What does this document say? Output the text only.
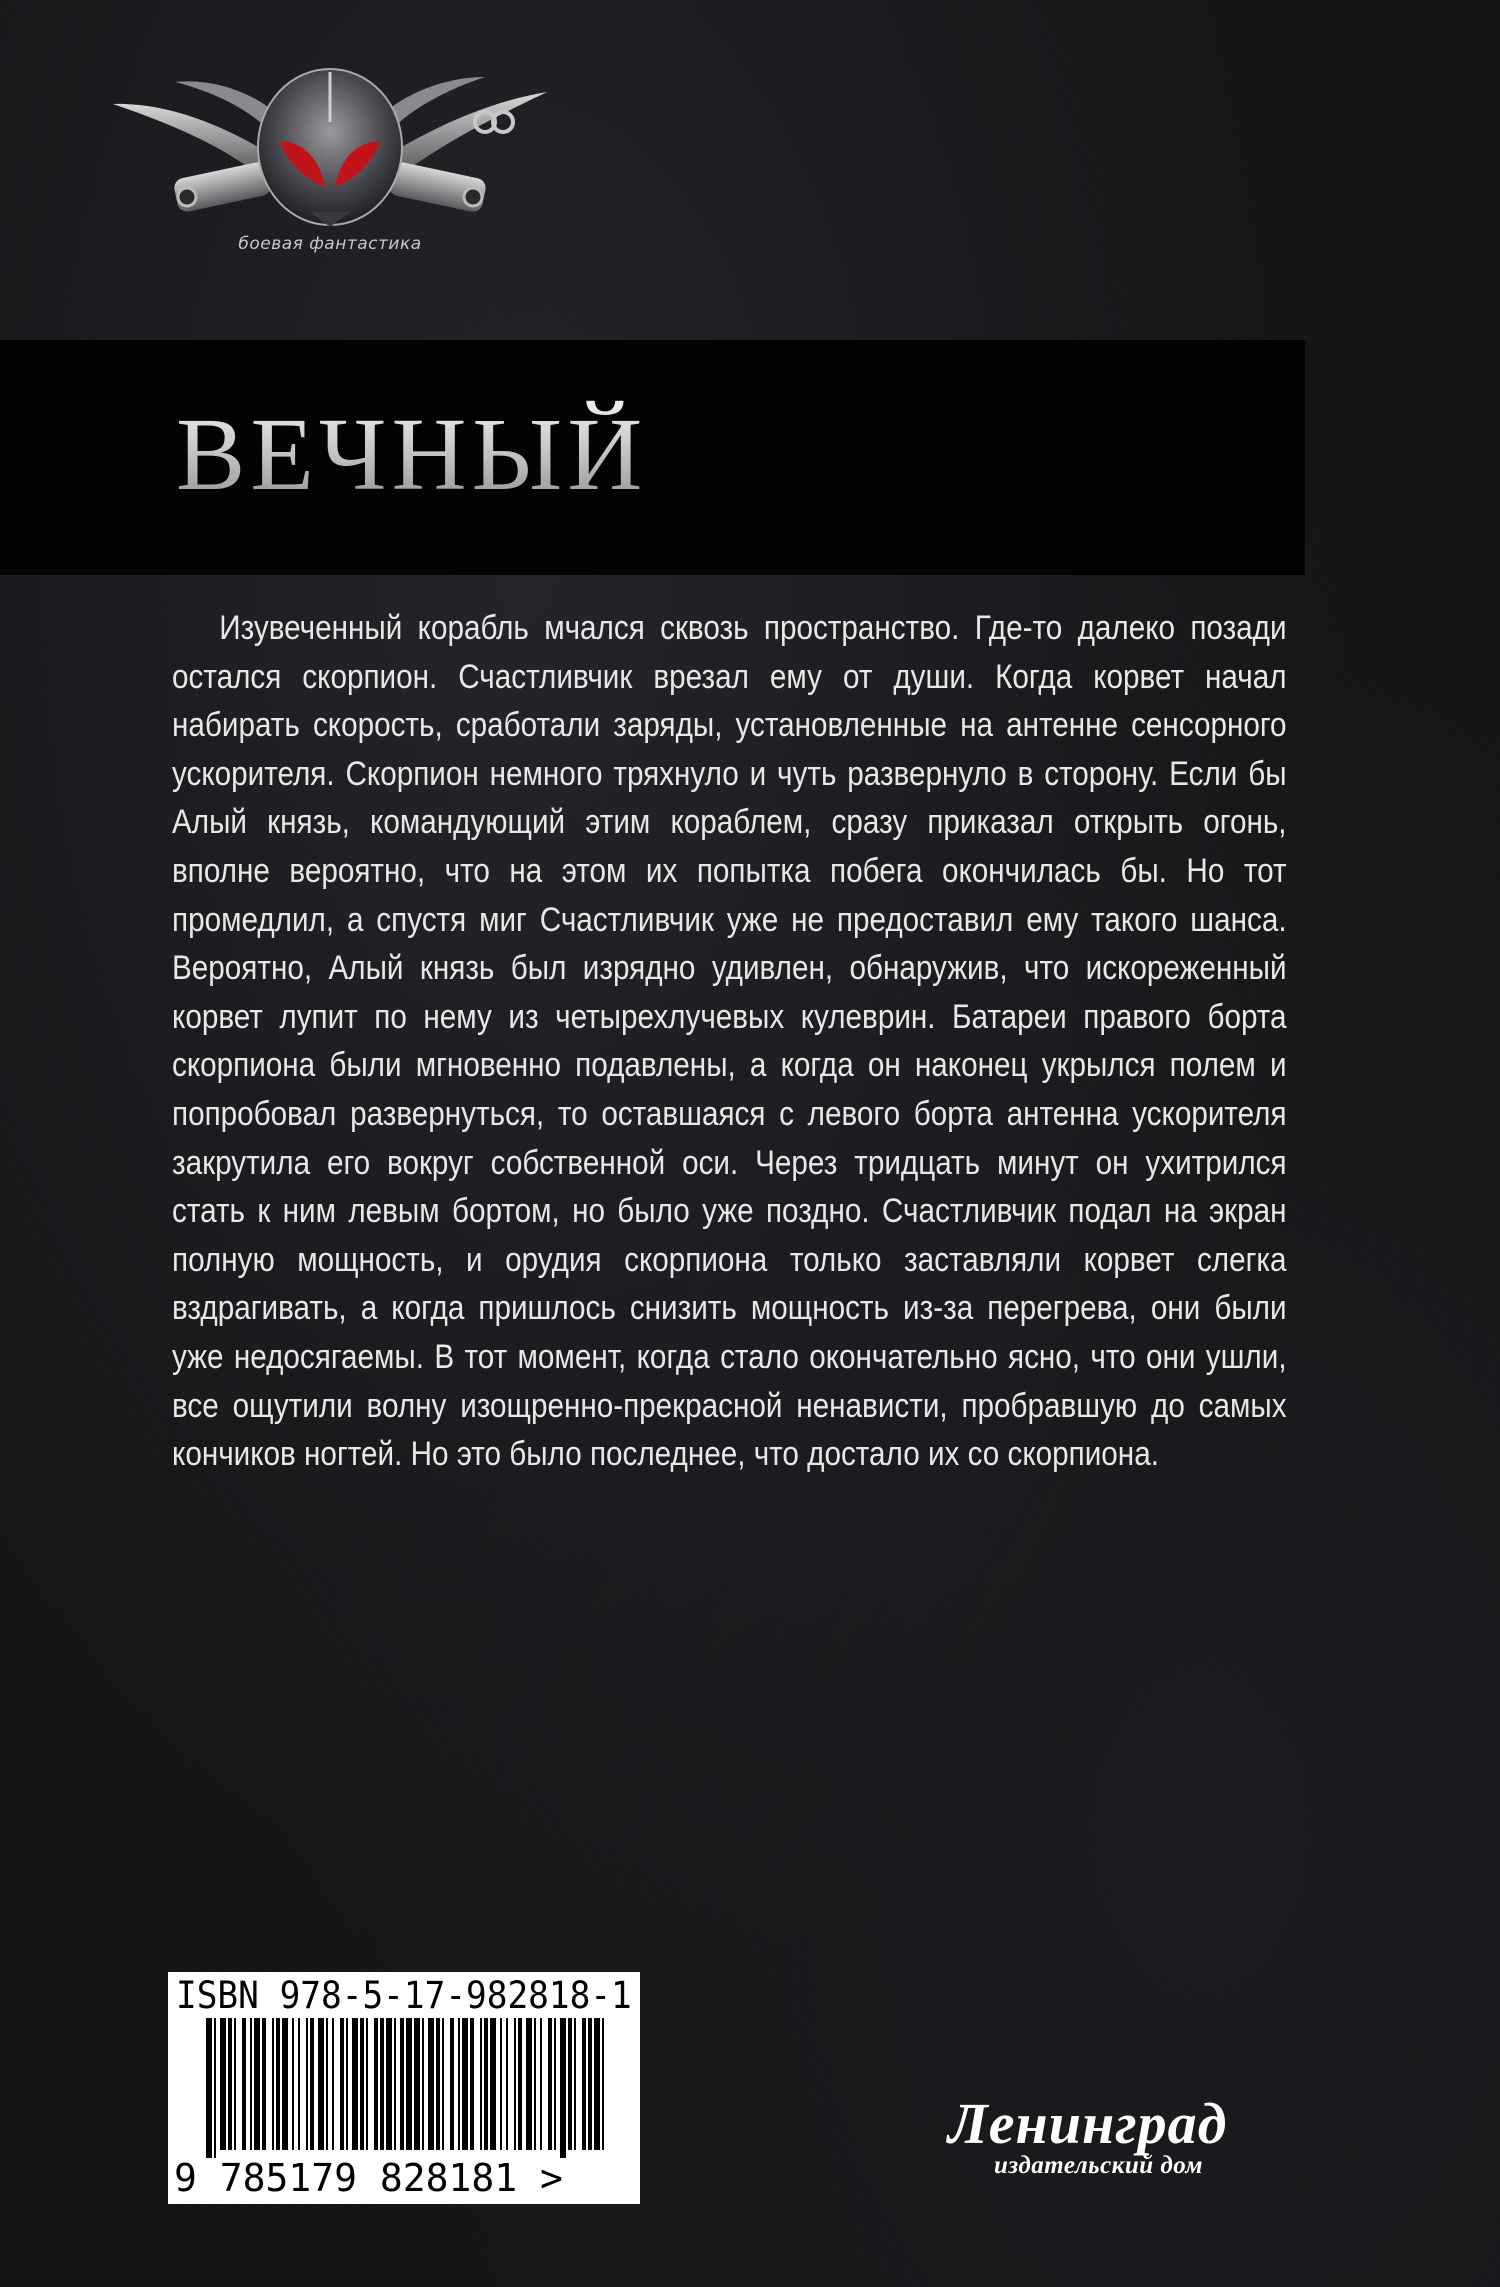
боевая фантастика
ВЕЧНЫЙ

Изувеченный корабль мчался сквозь пространство. Где-то далеко позади остался скорпион. Счастливчик врезал ему от души. Когда корвет начал набирать скорость, сработали заряды, установленные на антенне сенсорного ускорителя. Скорпион немного тряхнуло и чуть развернуло в сторону. Если бы Алый князь, командующий этим кораблем, сразу приказал открыть огонь, вполне вероятно, что на этом их попытка побега окончилась бы. Но тот промедлил, а спустя миг Счастливчик уже не предоставил ему такого шанса. Вероятно, Алый князь был изрядно удивлен, обнаружив, что искореженный корвет лупит по нему из четырехлучевых кулеврин. Батареи правого борта скорпиона были мгновенно подавлены, а когда он наконец укрылся полем и попробовал развернуться, то оставшаяся с левого борта антенна ускорителя закрутила его вокруг собственной оси. Через тридцать минут он ухитрился стать к ним левым бортом, но было уже поздно. Счастливчик подал на экран полную мощность, и орудия скорпиона только заставляли корвет слегка вздрагивать, а когда пришлось снизить мощность из-за перегрева, они были уже недосягаемы. В тот момент, когда стало окончательно ясно, что они ушли, все ощутили волну изощренно-прекрасной ненависти, пробравшую до самых кончиков ногтей. Но это было последнее, что достало их со скорпиона.

ISBN 978-5-17-982818-1
9 785179 828181 >
Ленинград
издательский дом
